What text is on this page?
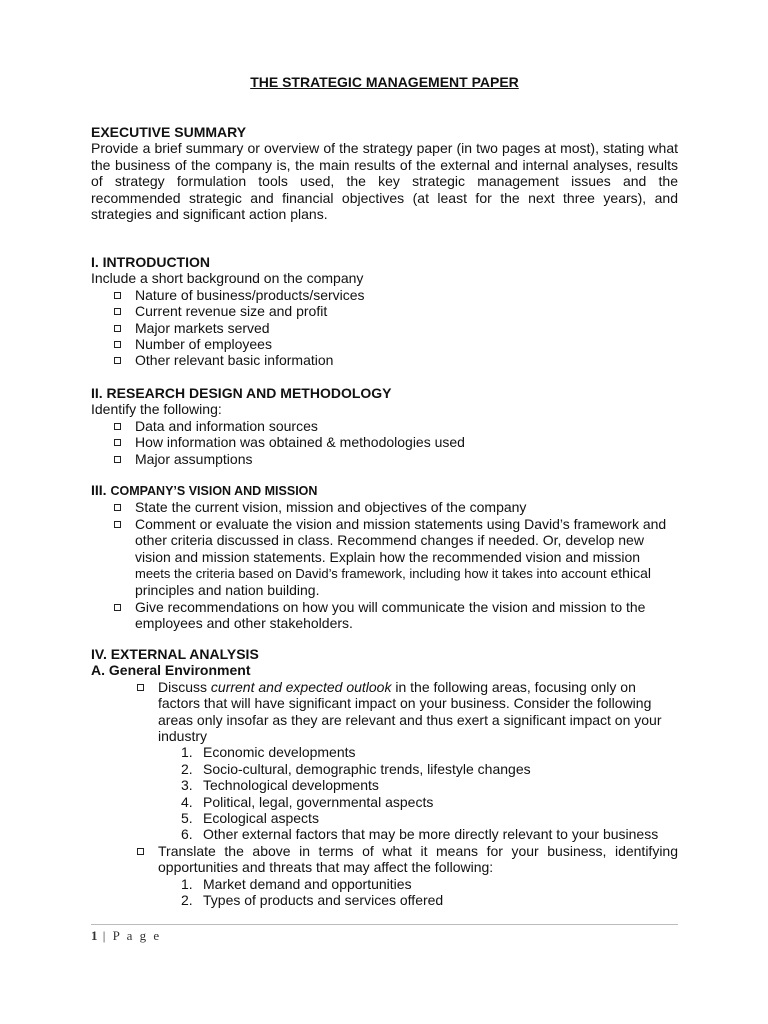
THE STRATEGIC MANAGEMENT PAPER
EXECUTIVE SUMMARY

Provide a brief summary or overview of the strategy paper (in two pages at most), stating what the business of the company is, the main results of the external and internal analyses, results of strategy formulation tools used, the key strategic management issues and the recommended strategic and financial objectives (at least for the next three years), and strategies and significant action plans.

I. INTRODUCTION
Include a short background on the company
Nature of business/products/services
Current revenue size and profit
Major markets served
Number of employees
Other relevant basic information
II. RESEARCH DESIGN AND METHODOLOGY
Identify the following:
Data and information sources
How information was obtained & methodologies used
Major assumptions
III. COMPANY’S VISION AND MISSION
State the current vision, mission and objectives of the company
Comment or evaluate the vision and mission statements using David’s framework and other criteria discussed in class. Recommend changes if needed. Or, develop new vision and mission statements. Explain how the recommended vision and mission meets the criteria based on David’s framework, including how it takes into account ethical principles and nation building.
Give recommendations on how you will communicate the vision and mission to the employees and other stakeholders.
IV. EXTERNAL ANALYSIS
A. General Environment
Discuss current and expected outlook in the following areas, focusing only on factors that will have significant impact on your business. Consider the following areas only insofar as they are relevant and thus exert a significant impact on your industry
1. Economic developments
2. Socio-cultural, demographic trends, lifestyle changes
3. Technological developments
4. Political, legal, governmental aspects
5. Ecological aspects
6. Other external factors that may be more directly relevant to your business
Translate the above in terms of what it means for your business, identifying opportunities and threats that may affect the following:
1. Market demand and opportunities
2. Types of products and services offered
1 | P a g e
